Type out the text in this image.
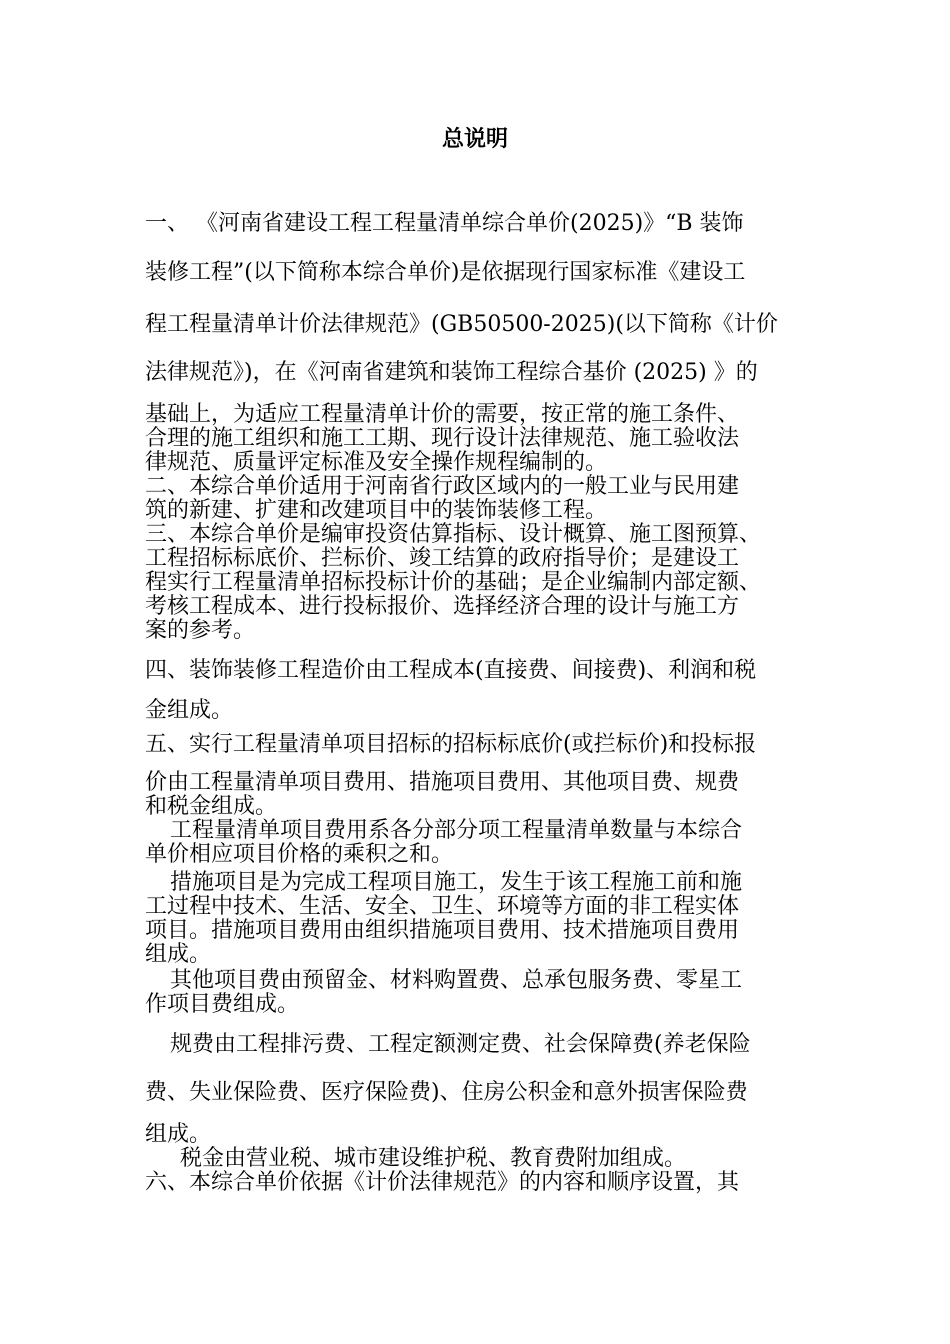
总说明
一、 《河南省建设工程工程量清单综合单价(2025)》“B 装饰
装修工程”(以下简称本综合单价)是依据现行国家标准《建设工
程工程量清单计价法律规范》(GB50500-2025)(以下简称《计价
法律规范》)，在《河南省建筑和装饰工程综合基价 (2025) 》的
基础上，为适应工程量清单计价的需要，按正常的施工条件、
合理的施工组织和施工工期、现行设计法律规范、施工验收法
律规范、质量评定标准及安全操作规程编制的。
二、本综合单价适用于河南省行政区域内的一般工业与民用建
筑的新建、扩建和改建项目中的装饰装修工程。
三、本综合单价是编审投资估算指标、设计概算、施工图预算、
工程招标标底价、拦标价、竣工结算的政府指导价；是建设工
程实行工程量清单招标投标计价的基础；是企业编制内部定额、
考核工程成本、进行投标报价、选择经济合理的设计与施工方
案的参考。
四、装饰装修工程造价由工程成本(直接费、间接费)、利润和税
金组成。
五、实行工程量清单项目招标的招标标底价(或拦标价)和投标报
价由工程量清单项目费用、措施项目费用、其他项目费、规费
和税金组成。
工程量清单项目费用系各分部分项工程量清单数量与本综合
单价相应项目价格的乘积之和。
措施项目是为完成工程项目施工，发生于该工程施工前和施
工过程中技术、生活、安全、卫生、环境等方面的非工程实体
项目。措施项目费用由组织措施项目费用、技术措施项目费用
组成。
其他项目费由预留金、材料购置费、总承包服务费、零星工
作项目费组成。
规费由工程排污费、工程定额测定费、社会保障费(养老保险
费、失业保险费、医疗保险费)、住房公积金和意外损害保险费
组成。
税金由营业税、城市建设维护税、教育费附加组成。
六、本综合单价依据《计价法律规范》的内容和顺序设置，其
